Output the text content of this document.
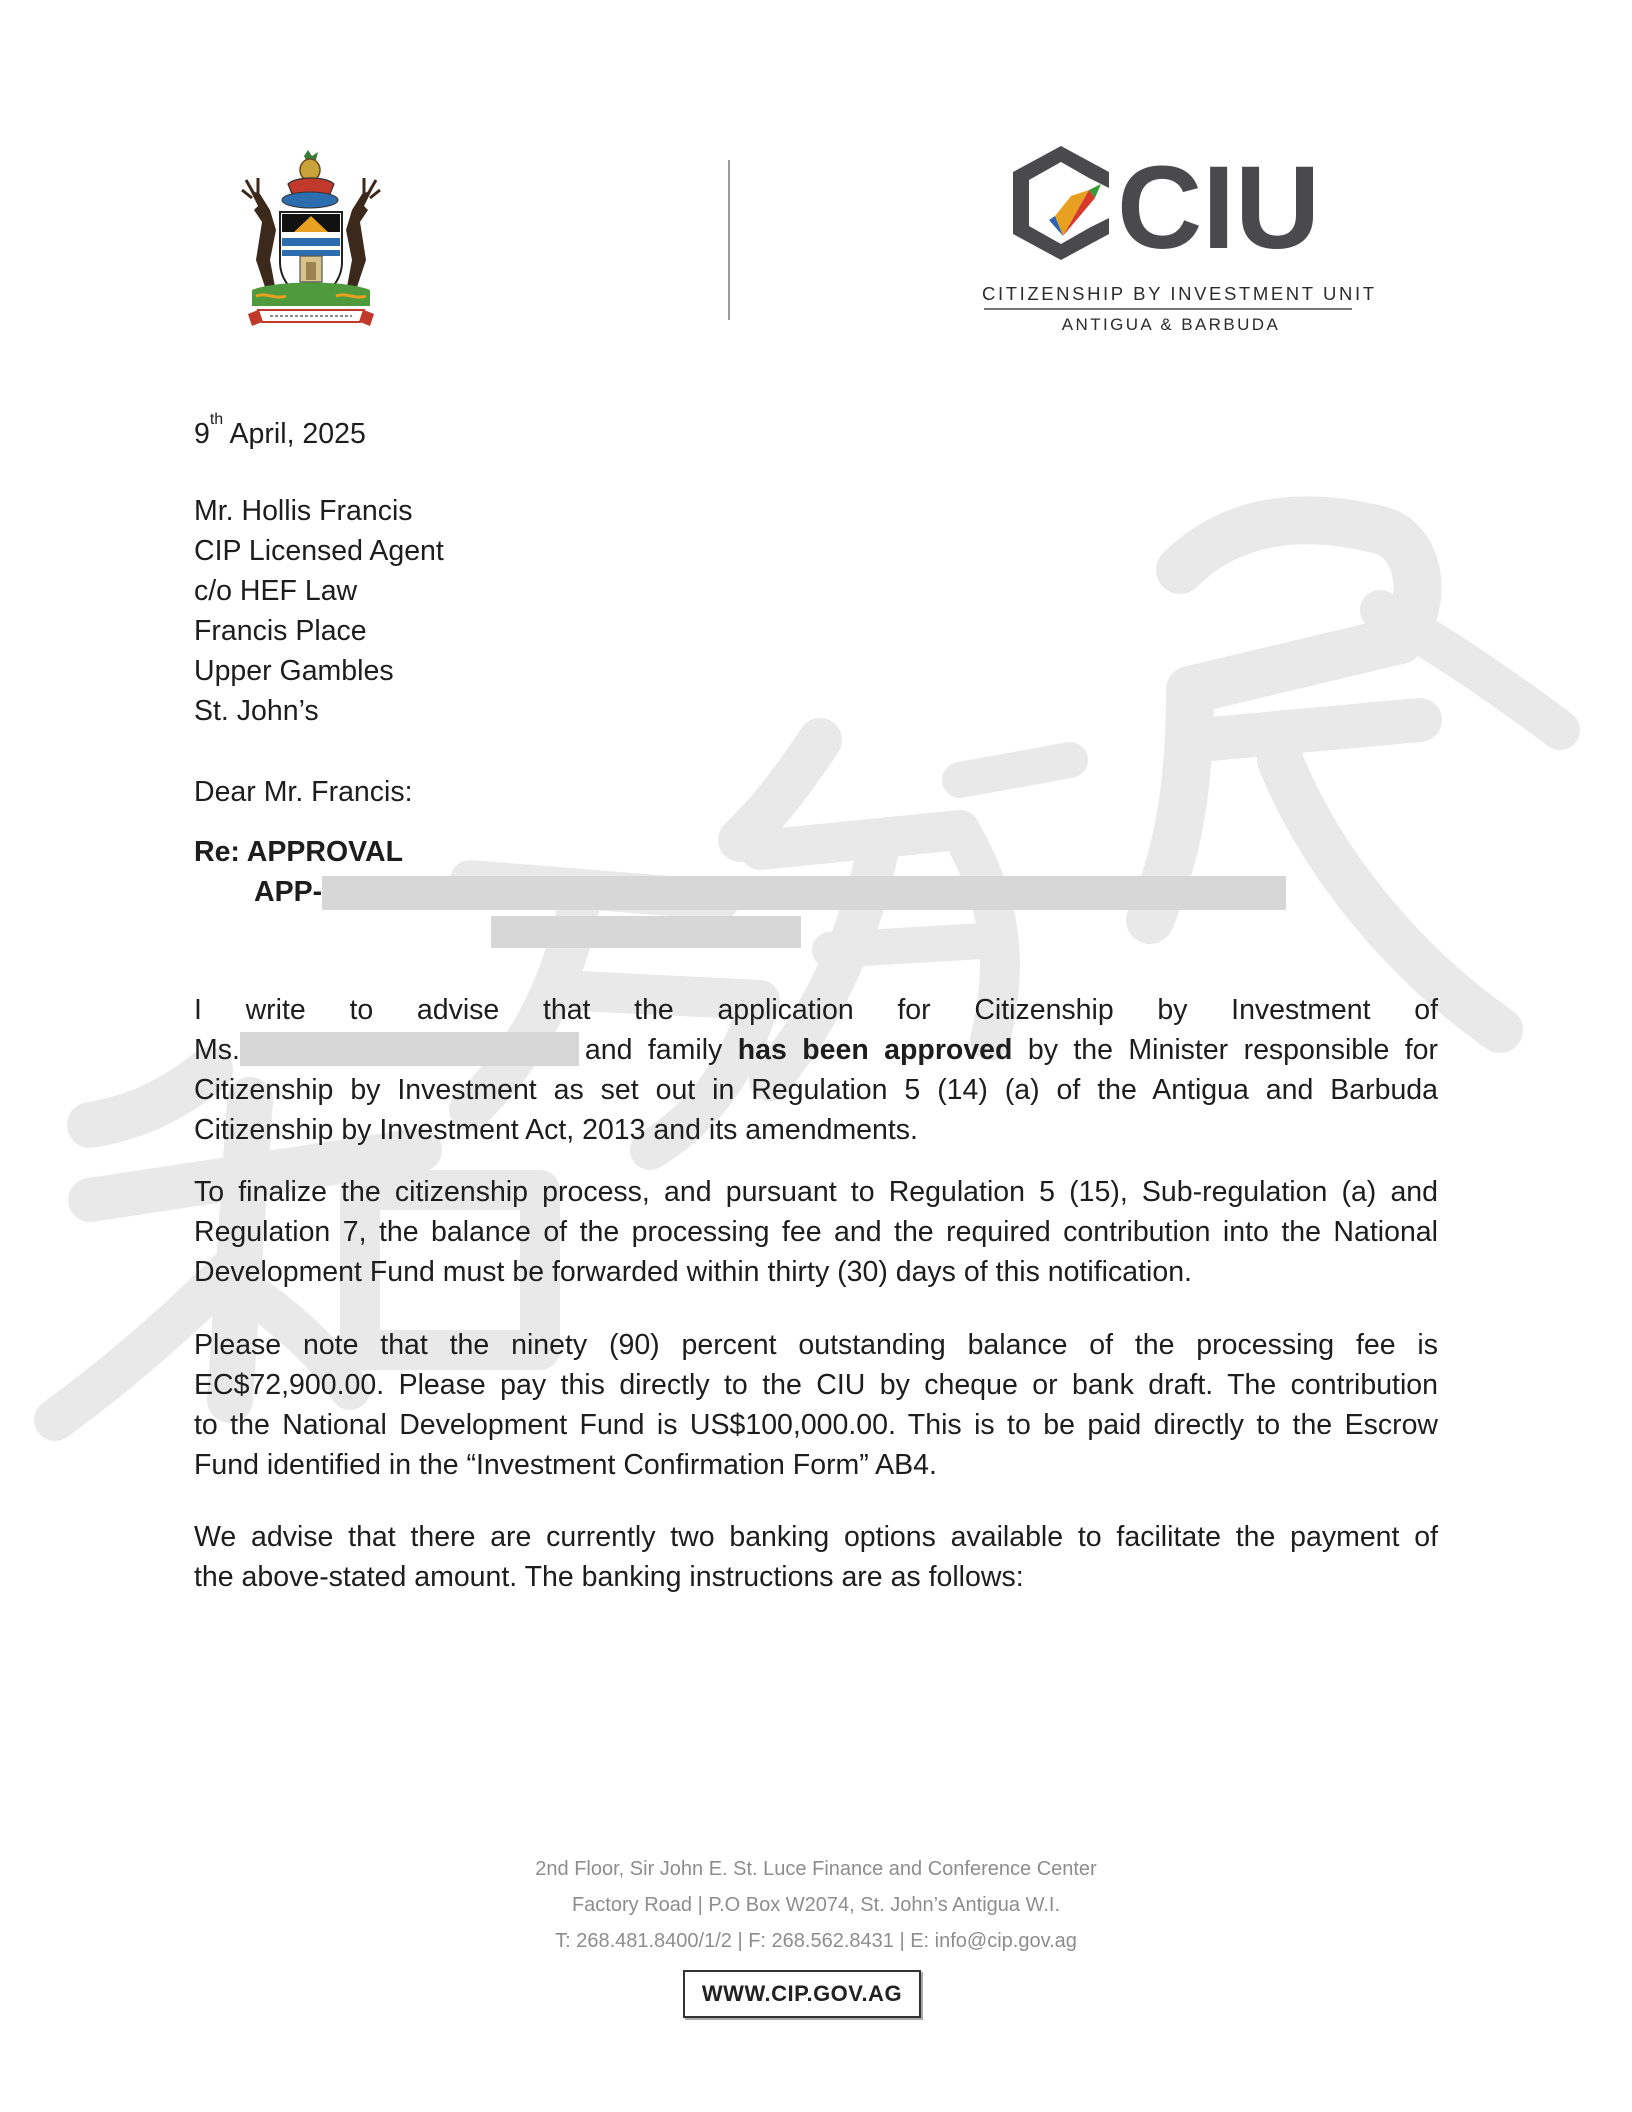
CIU
CITIZENSHIP BY INVESTMENT UNIT
ANTIGUA & BARBUDA
9th April, 2025
Mr. Hollis Francis
CIP Licensed Agent
c/o HEF Law
Francis Place
Upper Gambles
St. John’s
Dear Mr. Francis:
Re: APPROVAL
APP-
I write to advise that the application for Citizenship by Investment of
Ms.	and family has been approved by the Minister responsible for
Citizenship by Investment as set out in Regulation 5 (14) (a) of the Antigua and Barbuda
Citizenship by Investment Act, 2013 and its amendments.
To finalize the citizenship process, and pursuant to Regulation 5 (15), Sub-regulation (a) and
Regulation 7, the balance of the processing fee and the required contribution into the National
Development Fund must be forwarded within thirty (30) days of this notification.
Please note that the ninety (90) percent outstanding balance of the processing fee is
EC$72,900.00. Please pay this directly to the CIU by cheque or bank draft. The contribution
to the National Development Fund is US$100,000.00. This is to be paid directly to the Escrow
Fund identified in the “Investment Confirmation Form” AB4.
We advise that there are currently two banking options available to facilitate the payment of
the above-stated amount. The banking instructions are as follows:
2nd Floor, Sir John E. St. Luce Finance and Conference Center
Factory Road | P.O Box W2074, St. John’s Antigua W.I.
T: 268.481.8400/1/2 | F: 268.562.8431 | E: info@cip.gov.ag
WWW.CIP.GOV.AG
